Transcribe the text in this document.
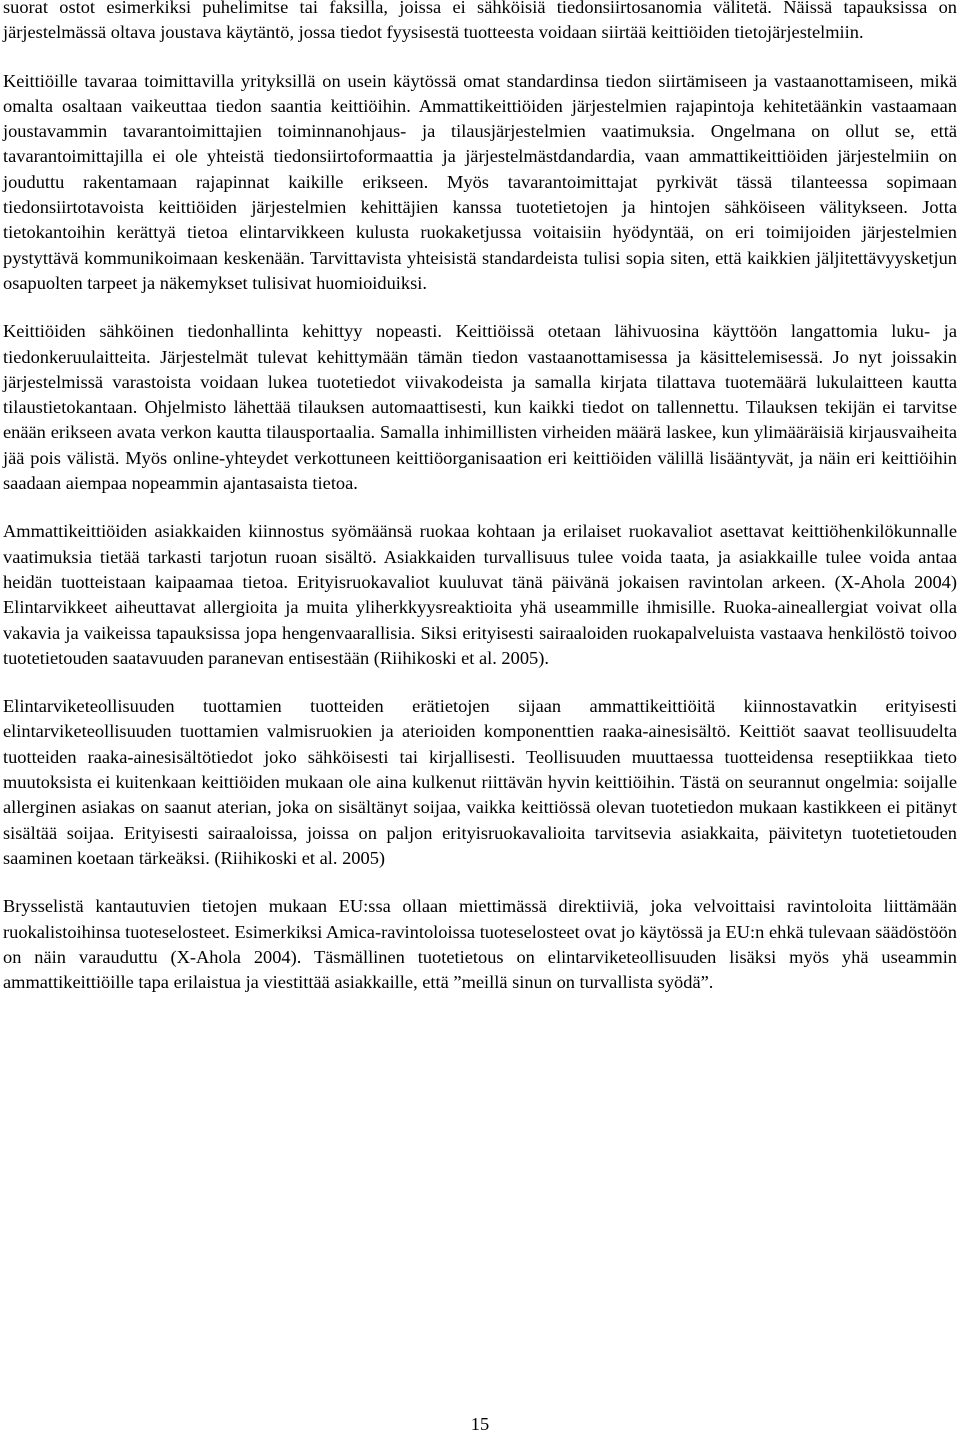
suorat ostot esimerkiksi puhelimitse tai faksilla, joissa ei sähköisiä tiedonsiirtosanomia välitetä. Näissä tapauksissa on järjestelmässä oltava joustava käytäntö, jossa tiedot fyysisestä tuotteesta voidaan siirtää keittiöiden tietojärjestelmiin.

Keittiöille tavaraa toimittavilla yrityksillä on usein käytössä omat standardinsa tiedon siirtämiseen ja vastaanottamiseen, mikä omalta osaltaan vaikeuttaa tiedon saantia keittiöihin. Ammattikeittiöiden järjestelmien rajapintoja kehitetäänkin vastaamaan joustavammin tavarantoimittajien toiminnanohjaus- ja tilausjärjestelmien vaatimuksia. Ongelmana on ollut se, että tavarantoimittajilla ei ole yhteistä tiedonsiirtoformaattia ja järjestelmästdandardia, vaan ammattikeittiöiden järjestelmiin on jouduttu rakentamaan rajapinnat kaikille erikseen. Myös tavarantoimittajat pyrkivät tässä tilanteessa sopimaan tiedonsiirtotavoista keittiöiden järjestelmien kehittäjien kanssa tuotetietojen ja hintojen sähköiseen välitykseen. Jotta tietokantoihin kerättyä tietoa elintarvikkeen kulusta ruokaketjussa voitaisiin hyödyntää, on eri toimijoiden järjestelmien pystyttävä kommunikoimaan keskenään. Tarvittavista yhteisistä standardeista tulisi sopia siten, että kaikkien jäljitettävyysketjun osapuolten tarpeet ja näkemykset tulisivat huomioiduiksi.

Keittiöiden sähköinen tiedonhallinta kehittyy nopeasti. Keittiöissä otetaan lähivuosina käyttöön langattomia luku- ja tiedonkeruulaitteita. Järjestelmät tulevat kehittymään tämän tiedon vastaanottamisessa ja käsittelemisessä. Jo nyt joissakin järjestelmissä varastoista voidaan lukea tuotetiedot viivakodeista ja samalla kirjata tilattava tuotemäärä lukulaitteen kautta tilaustietokantaan. Ohjelmisto lähettää tilauksen automaattisesti, kun kaikki tiedot on tallennettu. Tilauksen tekijän ei tarvitse enään erikseen avata verkon kautta tilausportaalia. Samalla inhimillisten virheiden määrä laskee, kun ylimääräisiä kirjausvaiheita jää pois välistä. Myös online-yhteydet verkottuneen keittiöorganisaation eri keittiöiden välillä lisääntyvät, ja näin eri keittiöihin saadaan aiempaa nopeammin ajantasaista tietoa.

Ammattikeittiöiden asiakkaiden kiinnostus syömäänsä ruokaa kohtaan ja erilaiset ruokavaliot asettavat keittiöhenkilökunnalle vaatimuksia tietää tarkasti tarjotun ruoan sisältö. Asiakkaiden turvallisuus tulee voida taata, ja asiakkaille tulee voida antaa heidän tuotteistaan kaipaamaa tietoa. Erityisruokavaliot kuuluvat tänä päivänä jokaisen ravintolan arkeen. (X-Ahola 2004) Elintarvikkeet aiheuttavat allergioita ja muita yliherkkyysreaktioita yhä useammille ihmisille. Ruoka-aineallergiat voivat olla vakavia ja vaikeissa tapauksissa jopa hengenvaarallisia. Siksi erityisesti sairaaloiden ruokapalveluista vastaava henkilöstö toivoo tuotetietouden saatavuuden paranevan entisestään (Riihikoski et al. 2005).

Elintarviketeollisuuden tuottamien tuotteiden erätietojen sijaan ammattikeittiöitä kiinnostavatkin erityisesti elintarviketeollisuuden tuottamien valmisruokien ja aterioiden komponenttien raaka-ainesisältö. Keittiöt saavat teollisuudelta tuotteiden raaka-ainesisältötiedot joko sähköisesti tai kirjallisesti. Teollisuuden muuttaessa tuotteidensa reseptiikkaa tieto muutoksista ei kuitenkaan keittiöiden mukaan ole aina kulkenut riittävän hyvin keittiöihin. Tästä on seurannut ongelmia: soijalle allerginen asiakas on saanut aterian, joka on sisältänyt soijaa, vaikka keittiössä olevan tuotetiedon mukaan kastikkeen ei pitänyt sisältää soijaa. Erityisesti sairaaloissa, joissa on paljon erityisruokavalioita tarvitsevia asiakkaita, päivitetyn tuotetietouden saaminen koetaan tärkeäksi. (Riihikoski et al. 2005)

Brysselistä kantautuvien tietojen mukaan EU:ssa ollaan miettimässä direktiiviä, joka velvoittaisi ravintoloita liittämään ruokalistoihinsa tuoteselosteet. Esimerkiksi Amica-ravintoloissa tuoteselosteet ovat jo käytössä ja EU:n ehkä tulevaan säädöstöön on näin varauduttu (X-Ahola 2004). Täsmällinen tuotetietous on elintarviketeollisuuden lisäksi myös yhä useammin ammattikeittiöille tapa erilaistua ja viestittää asiakkaille, että ”meillä sinun on turvallista syödä”.

15
